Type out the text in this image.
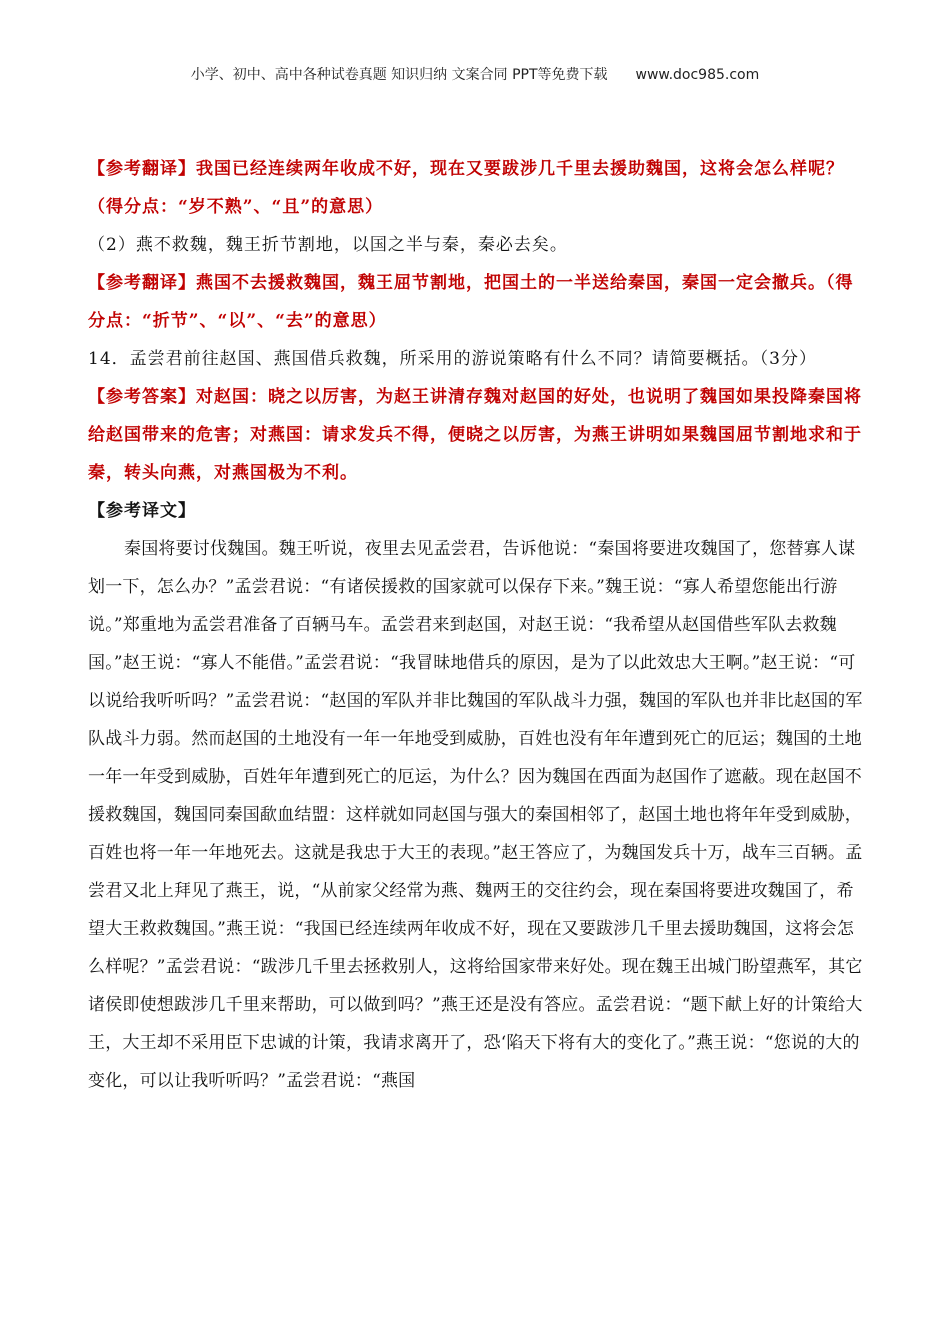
小学、初中、高中各种试卷真题 知识归纳 文案合同 PPT等免费下载 www.doc985.com

【参考翻译】我国已经连续两年收成不好，现在又要跋涉几千里去援助魏国，这将会怎么样呢？（得分点：“岁不熟”、“且”的意思）

（2）燕不救魏，魏王折节割地，以国之半与秦，秦必去矣。

【参考翻译】燕国不去援救魏国，魏王屈节割地，把国土的一半送给秦国，秦国一定会撤兵。（得分点：“折节”、“以”、“去”的意思）

14．孟尝君前往赵国、燕国借兵救魏，所采用的游说策略有什么不同？请简要概括。（3分）

【参考答案】对赵国：晓之以厉害，为赵王讲清存魏对赵国的好处，也说明了魏国如果投降秦国将给赵国带来的危害；对燕国：请求发兵不得，便晓之以厉害，为燕王讲明如果魏国屈节割地求和于秦，转头向燕，对燕国极为不利。

【参考译文】

秦国将要讨伐魏国。魏王听说，夜里去见孟尝君，告诉他说：“秦国将要进攻魏国了，您替寡人谋划一下，怎么办？”孟尝君说：“有诸侯援救的国家就可以保存下来。”魏王说：“寡人希望您能出行游说。”郑重地为孟尝君准备了百辆马车。孟尝君来到赵国，对赵王说：“我希望从赵国借些军队去救魏国。”赵王说：“寡人不能借。”孟尝君说：“我冒昧地借兵的原因，是为了以此效忠大王啊。”赵王说：“可以说给我听听吗？”孟尝君说：“赵国的军队并非比魏国的军队战斗力强，魏国的军队也并非比赵国的军队战斗力弱。然而赵国的土地没有一年一年地受到威胁，百姓也没有年年遭到死亡的厄运；魏国的土地一年一年受到威胁，百姓年年遭到死亡的厄运，为什么？因为魏国在西面为赵国作了遮蔽。现在赵国不援救魏国，魏国同秦国歃血结盟：这样就如同赵国与强大的秦国相邻了，赵国土地也将年年受到威胁，百姓也将一年一年地死去。这就是我忠于大王的表现。”赵王答应了，为魏国发兵十万，战车三百辆。孟尝君又北上拜见了燕王，说，“从前家父经常为燕、魏两王的交往约会，现在秦国将要进攻魏国了，希望大王救救魏国。”燕王说：“我国已经连续两年收成不好，现在又要跋涉几千里去援助魏国，这将会怎么样呢？”孟尝君说：“跋涉几千里去拯救别人，这将给国家带来好处。现在魏王出城门盼望燕军，其它诸侯即使想跋涉几千里来帮助，可以做到吗？”燕王还是没有答应。孟尝君说：“题下献上好的计策给大王，大王却不采用臣下忠诚的计策，我请求离开了，恐‘陷天下将有大的变化了。”燕王说：“您说的大的变化，可以让我听听吗？”孟尝君说：“燕国
